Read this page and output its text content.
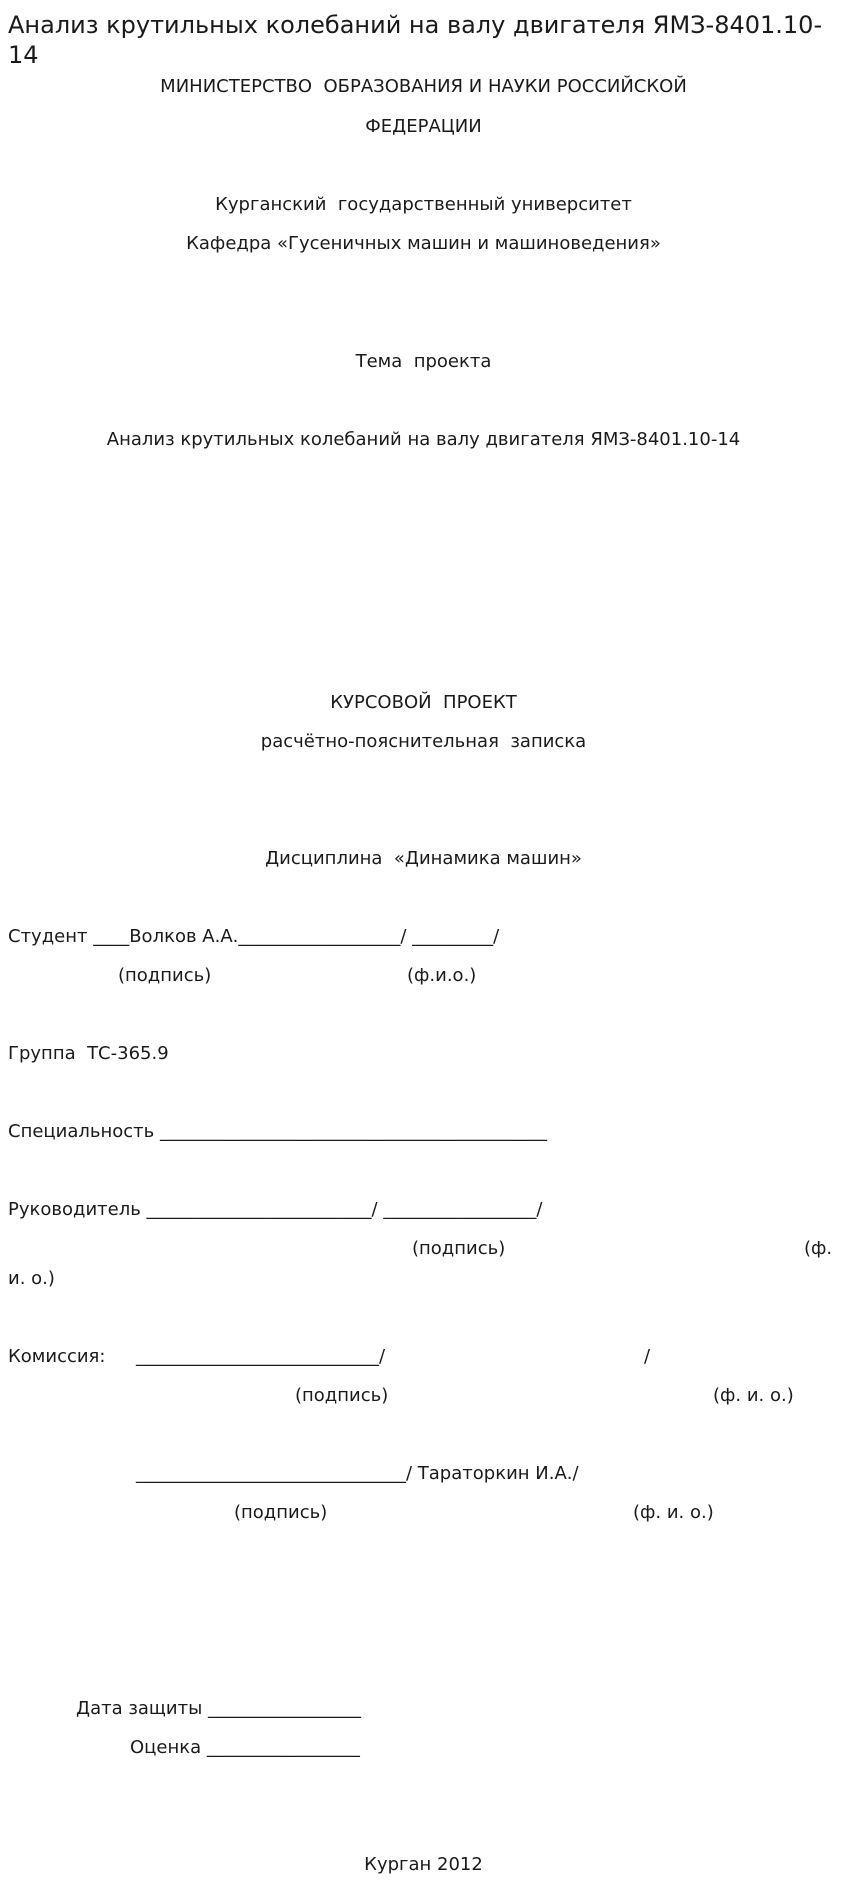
Анализ крутильных колебаний на валу двигателя ЯМЗ-8401.10-14
МИНИСТЕРСТВО  ОБРАЗОВАНИЯ И НАУКИ РОССИЙСКОЙ
ФЕДЕРАЦИИ
Курганский  государственный университет
Кафедра «Гусеничных машин и машиноведения»
Тема  проекта
Анализ крутильных колебаний на валу двигателя ЯМЗ-8401.10-14
КУРСОВОЙ  ПРОЕКТ
расчётно-пояснительная  записка
Дисциплина  «Динамика машин»
Студент ____Волков А.А.__________________/ _________/
(подпись)	(ф.и.о.)
Группа  ТС-365.9
Специальность ___________________________________________
Руководитель _________________________/ _________________/
(подпись)	(ф.
и. о.)
Комиссия: ___________________________/	/
(подпись)	(ф. и. о.)
______________________________/ Тараторкин И.А./
(подпись)	(ф. и. о.)
Дата защиты _________________
Оценка _________________
Курган 2012
